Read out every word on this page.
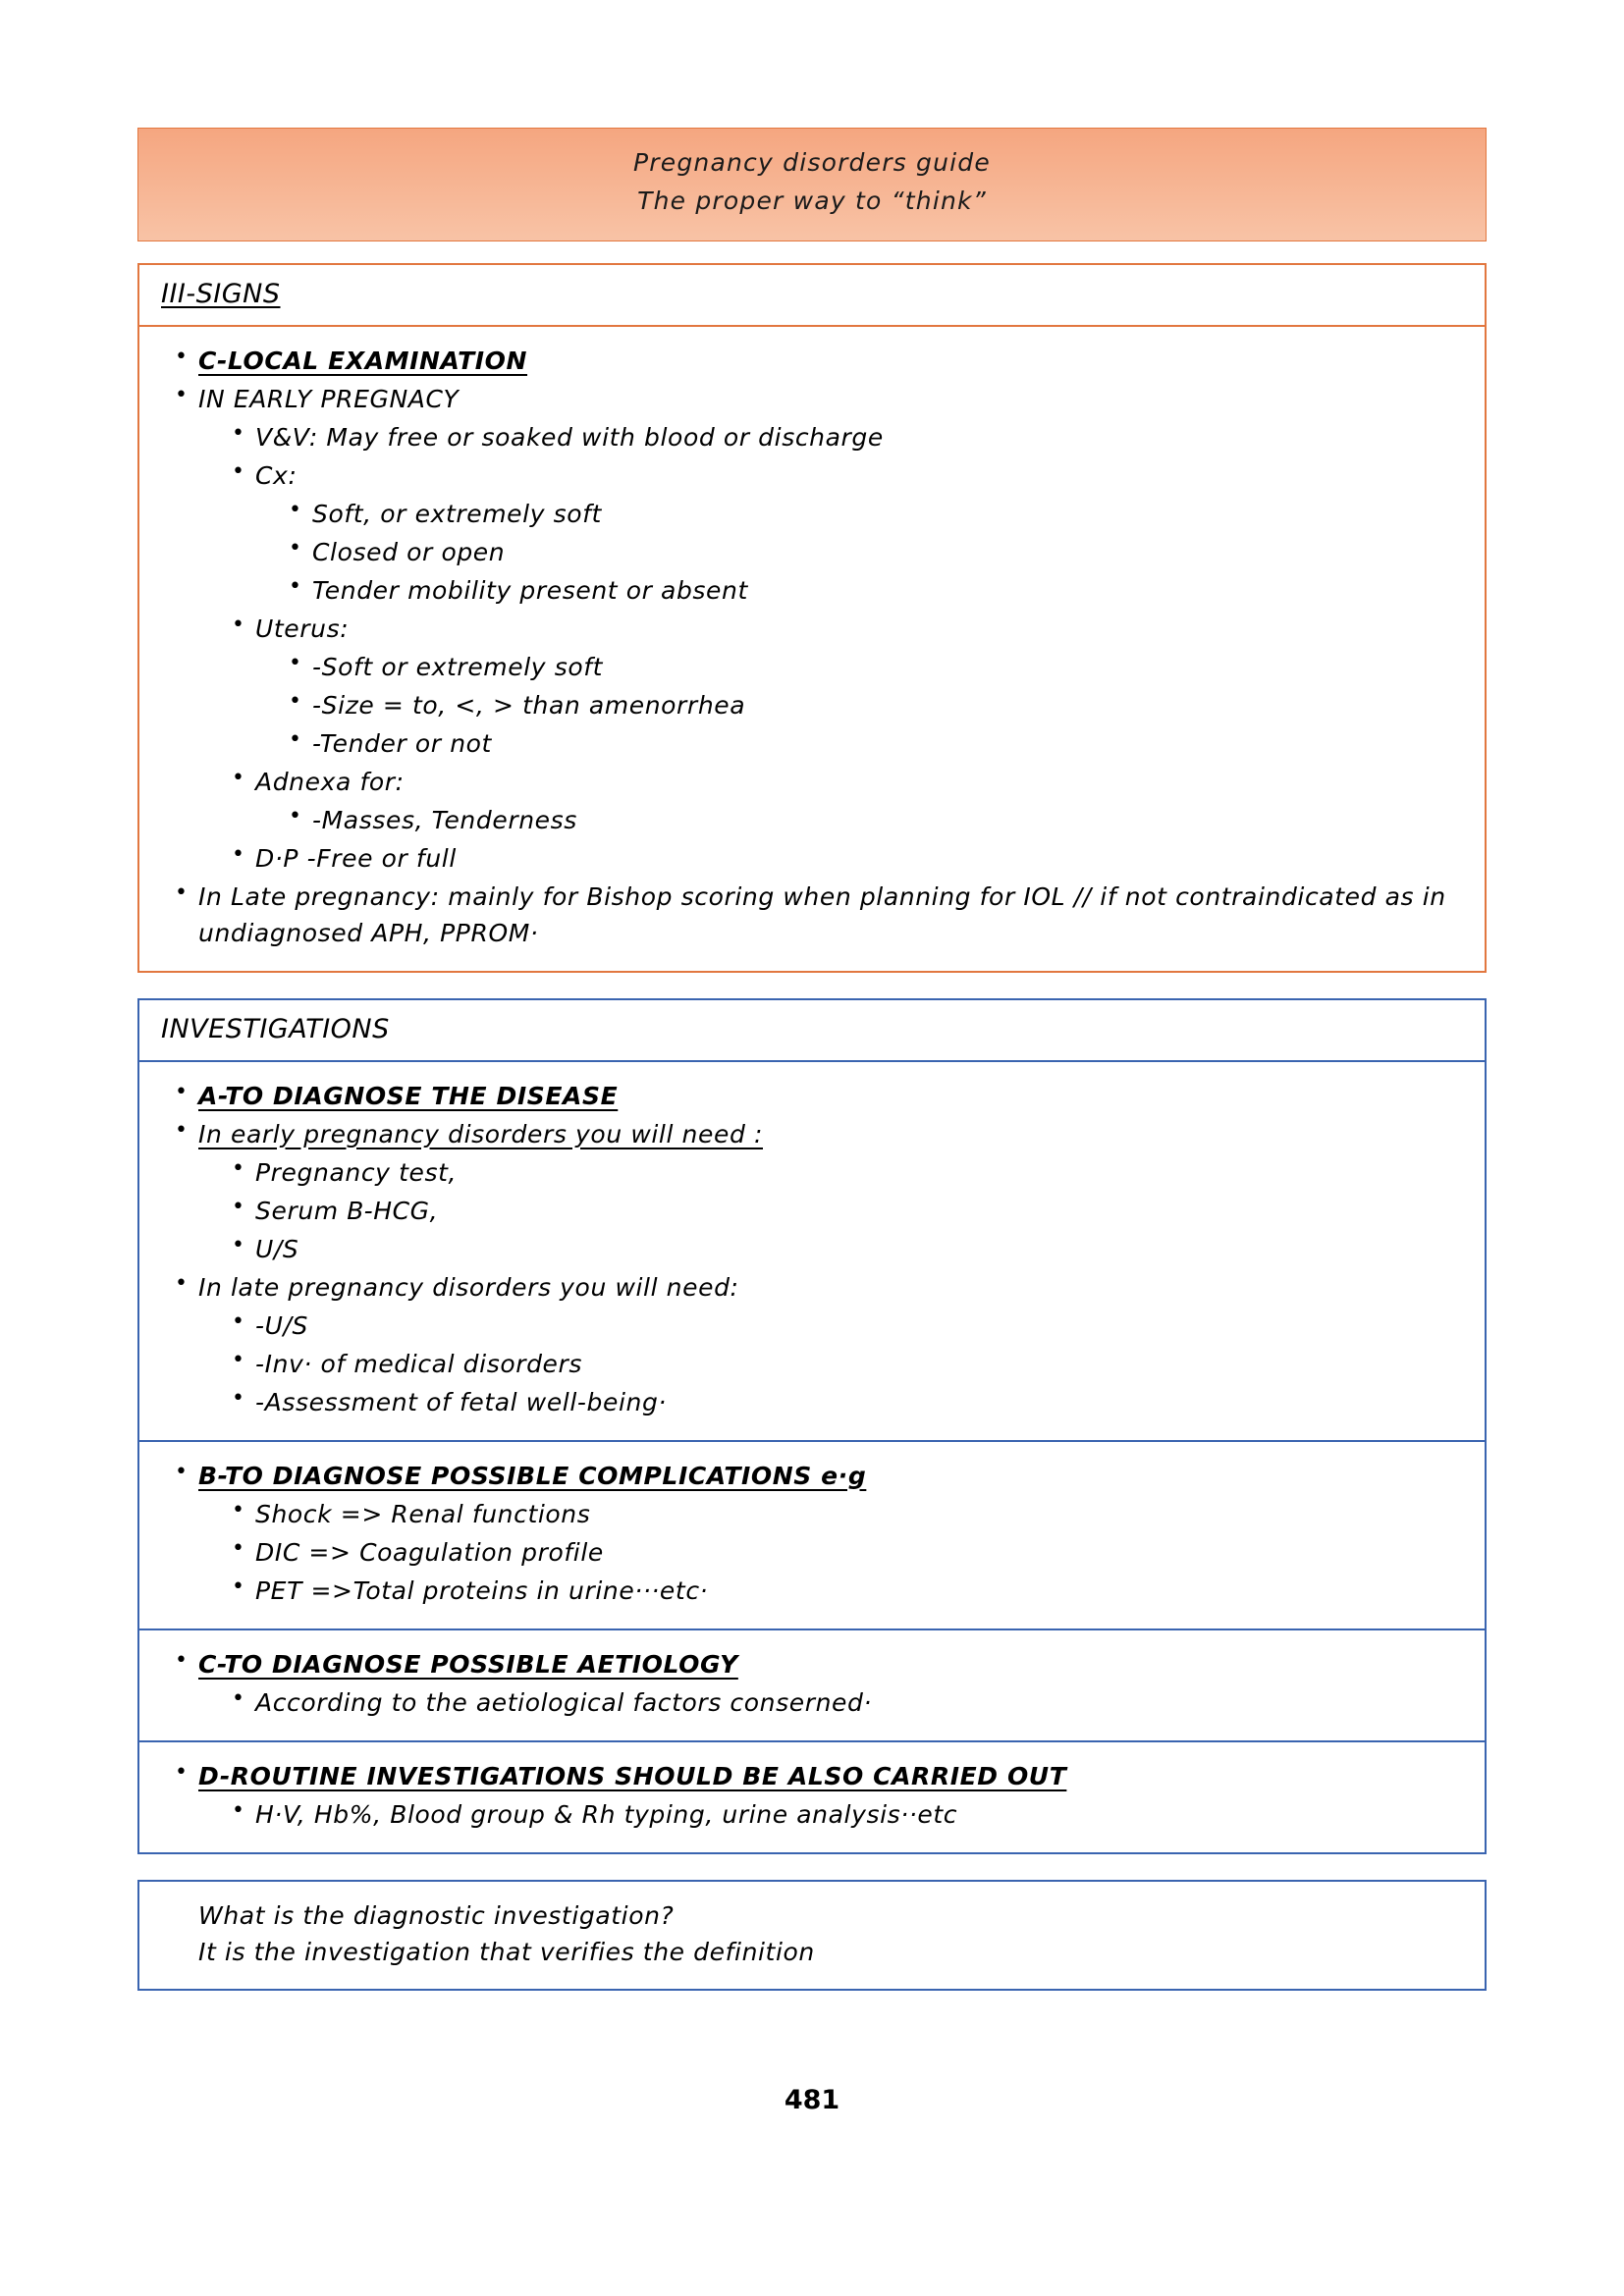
Pregnancy disorders guide
The proper way to “think”
III-SIGNS
• C-LOCAL EXAMINATION
• IN EARLY PREGNACY
• V&V: May free or soaked with blood or discharge
• Cx:
• Soft, or extremely soft
• Closed or open
• Tender mobility present or absent
• Uterus:
• -Soft or extremely soft
• -Size = to, <, > than amenorrhea
• -Tender or not
• Adnexa for:
• -Masses, Tenderness
• D·P -Free or full
• In Late pregnancy: mainly for Bishop scoring when planning for IOL // if not contraindicated as in undiagnosed APH, PPROM·
INVESTIGATIONS
• A-TO DIAGNOSE THE DISEASE
• In early pregnancy disorders you will need :
• Pregnancy test,
• Serum B-HCG,
• U/S
• In late pregnancy disorders you will need:
• -U/S
• -Inv· of medical disorders
• -Assessment of fetal well-being·
• B-TO DIAGNOSE POSSIBLE COMPLICATIONS e·g
• Shock => Renal functions
• DIC => Coagulation profile
• PET =>Total proteins in urine···etc·
• C-TO DIAGNOSE POSSIBLE AETIOLOGY
• According to the aetiological factors conserned·
• D-ROUTINE INVESTIGATIONS SHOULD BE ALSO CARRIED OUT
• H·V, Hb%, Blood group & Rh typing, urine analysis··etc
What is the diagnostic investigation?
It is the investigation that verifies the definition
481
